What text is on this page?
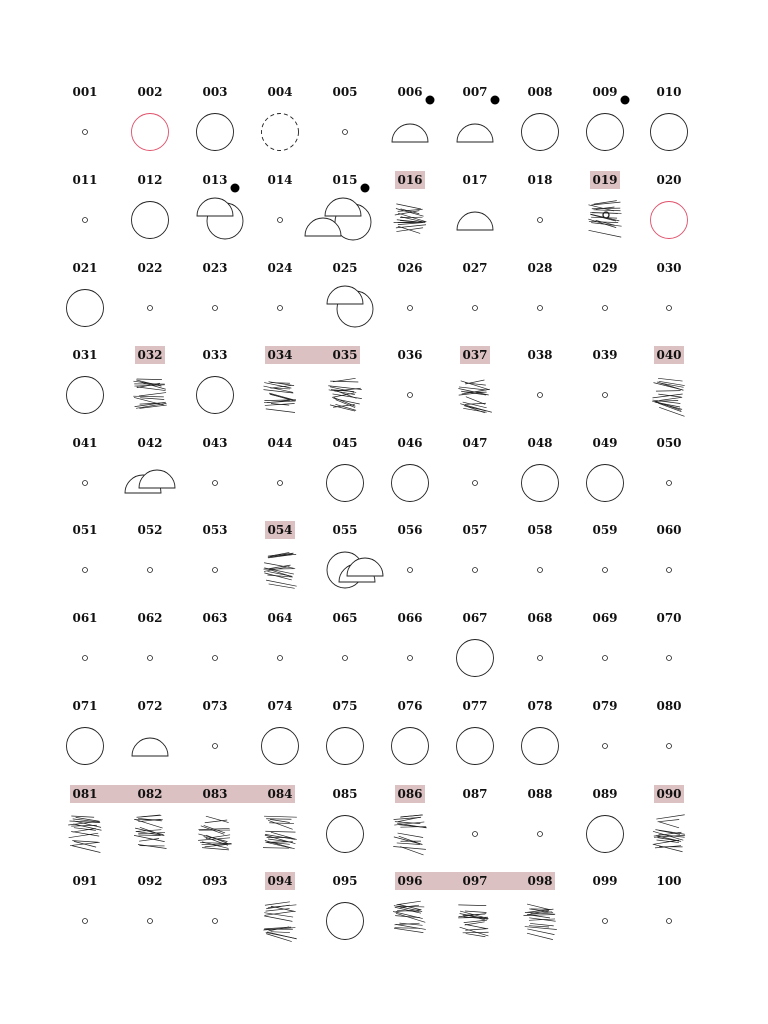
001	002	003	004	005	006	007	008	009	010
011	012	013	014	015	016	017	018	019	020
021	022	023	024	025	026	027	028	029	030
031	032	033	034	035	036	037	038	039	040
041	042	043	044	045	046	047	048	049	050
051	052	053	054	055	056	057	058	059	060
061	062	063	064	065	066	067	068	069	070
071	072	073	074	075	076	077	078	079	080
081	082	083	084	085	086	087	088	089	090
091	092	093	094	095	096	097	098	099	100
